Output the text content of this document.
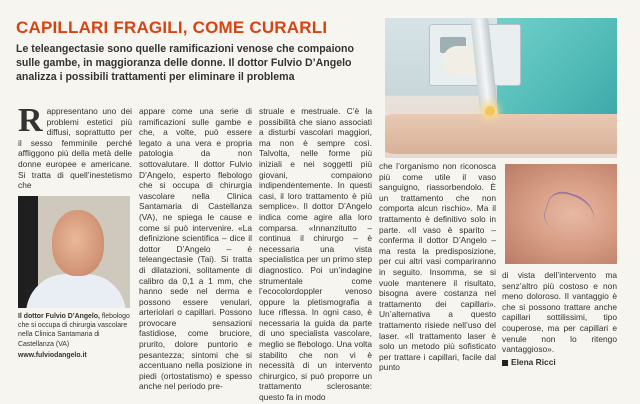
CAPILLARI FRAGILI, COME CURARLI

Le teleangectasie sono quelle ramificazioni venose che compaiono sulle gambe, in maggioranza delle donne. Il dottor Fulvio D’Angelo analizza i possibili trattamenti per eliminare il problema

Rappresentano uno dei problemi estetici più diffusi, soprattutto per il sesso femminile perché affliggono più della metà delle donne europee e americane. Si tratta di quell’inestetismo che
Il dottor Fulvio D’Angelo, flebologo che si occupa di chirurgia vascolare nella Clinica Santamaria di Castellanza (VA)
www.fulviodangelo.it
appare come una serie di ramificazioni sulle gambe e che, a volte, può essere legato a una vera e propria patologia da non sottovalutare. Il dottor Fulvio D’Angelo, esperto flebologo che si occupa di chirurgia vascolare nella Clinica Santamaria di Castellanza (VA), ne spiega le cause e come si può intervenire. «La definizione scientifica – dice il dottor D’Angelo – è teleangectasie (Tai). Si tratta di dilatazioni, solitamente di calibro da 0,1 a 1 mm, che hanno sede nel derma e possono essere venulari, arteriolari o capillari. Possono provocare sensazioni fastidiose, come bruciore, prurito, dolore puntorio e pesantezza; sintomi che si accentuano nella posizione in piedi (ortostatismo) e spesso anche nel periodo pre-
struale e mestruale. C’è la possibilità che siano associati a disturbi vascolari maggiori, ma non è sempre così. Talvolta, nelle forme più iniziali e nei soggetti più giovani, compaiono indipendentemente. In questi casi, il loro trattamento è più semplice». Il dottor D’Angelo indica come agire alla loro comparsa. «Innanzitutto – continua il chirurgo – è necessaria una vista specialistica per un primo step diagnostico. Poi un’indagine strumentale come l’ecocolordoppler venoso oppure la pletismografia a luce riflessa. In ogni caso, è necessaria la guida da parte di uno specialista vascolare, meglio se flebologo. Una volta stabilito che non vi è necessità di un intervento chirurgico, si può proporre un trattamento sclerosante: questo fa in modo
che l’organismo non riconosca più come utile il vaso sanguigno, riassorbendolo. È un trattamento che non comporta alcun rischio». Ma il trattamento è definitivo solo in parte. «Il vaso è sparito – conferma il dottor D’Angelo – ma resta la predisposizione, per cui altri vasi compariranno in seguito. Insomma, se si vuole mantenere il risultato, bisogna avere costanza nel trattamento dei capillari». Un’alternativa a questo trattamento risiede nell’uso del laser. «Il trattamento laser è solo un metodo più sofisticato per trattare i capillari, facile dal punto
di vista dell’intervento ma senz’altro più costoso e non meno doloroso. Il vantaggio è che si possono trattare anche capillari sottilissimi, tipo couperose, ma per capillari e venule non lo ritengo vantaggioso».
Elena Ricci
